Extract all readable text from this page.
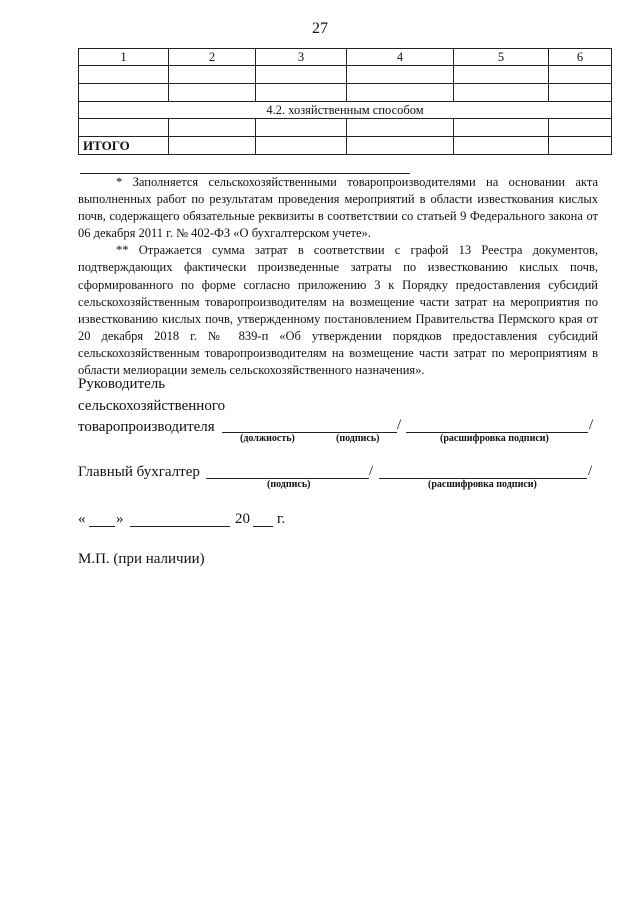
27
1	2	3	4	5	6

4.2. хозяйственным способом					

ИТОГО					

* Заполняется сельскохозяйственными товаропроизводителями на основании акта выполненных работ по результатам проведения мероприятий в области известкования кислых почв, содержащего обязательные реквизиты в соответствии со статьей 9 Федерального закона от 06 декабря 2011 г. № 402-ФЗ «О бухгалтерском учете».

** Отражается сумма затрат в соответствии с графой 13 Реестра документов, подтверждающих фактически произведенные затраты по известкованию кислых почв, сформированного по форме согласно приложению 3 к Порядку предоставления субсидий сельскохозяйственным товаропроизводителям на возмещение части затрат на мероприятия по известкованию кислых почв, утвержденному постановлением Правительства Пермского края от 20 декабря 2018 г. № 839-п «Об утверждении порядков предоставления субсидий сельскохозяйственным товаропроизводителям на возмещение части затрат по мероприятиям в области мелиорации земель сельскохозяйственного назначения».

Руководитель
сельскохозяйственного
товаропроизводителя	/	/
(должность)	(подпись)	(расшифровка подписи)
Главный бухгалтер	/	/
(подпись)	(расшифровка подписи)
« »	20 г.
М.П. (при наличии)
